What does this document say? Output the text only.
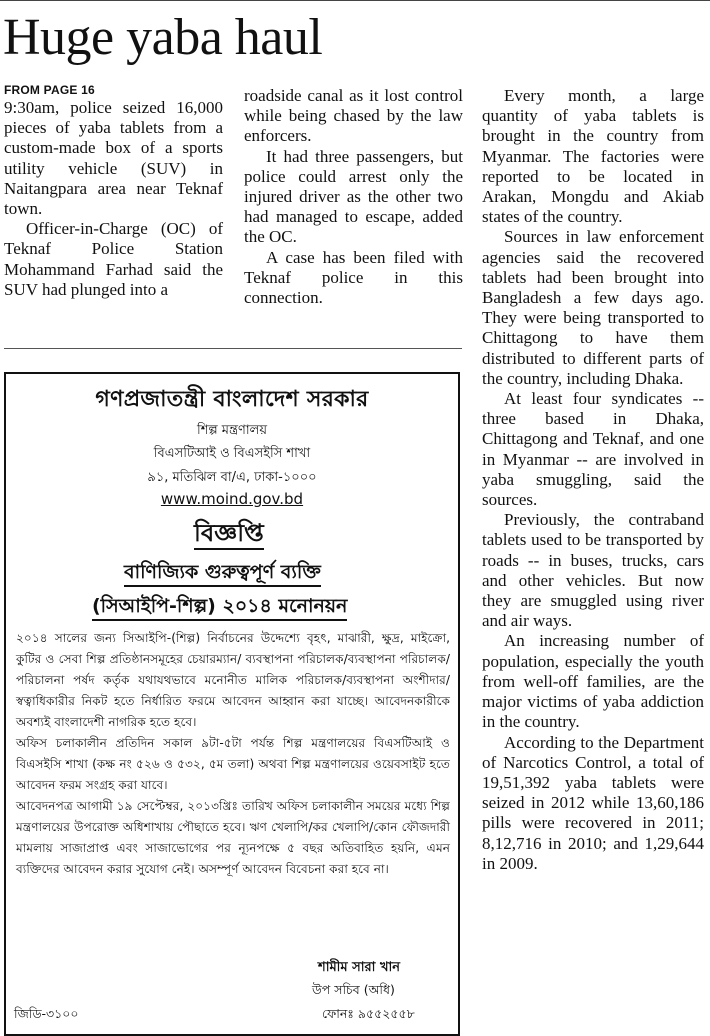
Huge yaba haul
FROM PAGE 16

9:30am, police seized 16,000 pieces of yaba tablets from a custom-made box of a sports utility vehicle (SUV) in Naitangpara area near Teknaf town.

Officer-in-Charge (OC) of Teknaf Police Station Mohammand Farhad said the SUV had plunged into a

roadside canal as it lost control while being chased by the law enforcers.

It had three passengers, but police could arrest only the injured driver as the other two had managed to escape, added the OC.

A case has been filed with Teknaf police in this connection.

Every month, a large quantity of yaba tablets is brought in the country from Myanmar. The factories were reported to be located in Arakan, Mongdu and Akiab states of the country.

Sources in law enforcement agencies said the recovered tablets had been brought into Bangladesh a few days ago. They were being transported to Chittagong to have them distributed to different parts of the country, including Dhaka.

At least four syndicates -- three based in Dhaka, Chittagong and Teknaf, and one in Myanmar -- are involved in yaba smuggling, said the sources.

Previously, the contraband tablets used to be transported by roads -- in buses, trucks, cars and other vehicles. But now they are smuggled using river and air ways.

An increasing number of population, especially the youth from well-off families, are the major victims of yaba addiction in the country.

According to the Department of Narcotics Control, a total of 19,51,392 yaba tablets were seized in 2012 while 13,60,186 pills were recovered in 2011; 8,12,716 in 2010; and 1,29,644 in 2009.

গণপ্রজাতন্ত্রী বাংলাদেশ সরকার
শিল্প মন্ত্রণালয়
বিএসটিআই ও বিএসইসি শাখা
৯১, মতিঝিল বা/এ, ঢাকা-১০০০
www.moind.gov.bd
বিজ্ঞপ্তি
বাণিজ্যিক গুরুত্বপূর্ণ ব্যক্তি
(সিআইপি-শিল্প) ২০১৪ মনোনয়ন

২০১৪ সালের জন্য সিআইপি-(শিল্প) নির্বাচনের উদ্দেশ্যে বৃহৎ, মাঝারী, ক্ষুদ্র, মাইক্রো, কুটির ও সেবা শিল্প প্রতিষ্ঠানসমূহের চেয়ারম্যান/ ব্যবস্থাপনা পরিচালক/ব্যবস্থাপনা পরিচালক/পরিচালনা পর্ষদ কর্তৃক যথাযথভাবে মনোনীত মালিক পরিচালক/ব্যবস্থাপনা অংশীদার/স্বত্বাধিকারীর নিকট হতে নির্ধারিত ফরমে আবেদন আহ্বান করা যাচ্ছে। আবেদনকারীকে অবশ্যই বাংলাদেশী নাগরিক হতে হবে।

অফিস চলাকালীন প্রতিদিন সকাল ৯টা-৫টা পর্যন্ত শিল্প মন্ত্রণালয়ের বিএসটিআই ও বিএসইসি শাখা (কক্ষ নং ৫২৬ ও ৫৩২, ৫ম তলা) অথবা শিল্প মন্ত্রণালয়ের ওয়েবসাইট হতে আবেদন ফরম সংগ্রহ করা যাবে।

আবেদনপত্র আগামী ১৯ সেপ্টেম্বর, ২০১৩খ্রিঃ তারিখ অফিস চলাকালীন সময়ের মধ্যে শিল্প মন্ত্রণালয়ের উপরোক্ত অধিশাখায় পৌছাতে হবে। ঋণ খেলাপি/কর খেলাপি/কোন ফৌজদারী মামলায় সাজাপ্রাপ্ত এবং সাজাভোগের পর ন্যূনপক্ষে ৫ বছর অতিবাহিত হয়নি, এমন ব্যক্তিদের আবেদন করার সুযোগ নেই। অসম্পূর্ণ আবেদন বিবেচনা করা হবে না।

শামীম সারা খান
উপ সচিব (অধি)
জিডি-৩১০০	ফোনঃ ৯৫৫২৫৫৮
